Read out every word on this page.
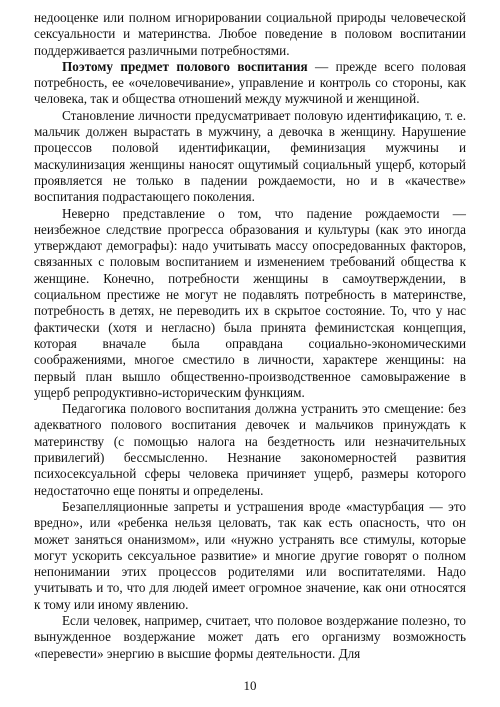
недооценке или полном игнорировании социальной природы человеческой сексуальности и материнства. Любое поведение в половом воспитании поддерживается различными потребностями.

Поэтому предмет полового воспитания — прежде всего половая потребность, ее «очеловечивание», управление и контроль со стороны, как человека, так и общества отношений между мужчиной и женщиной.

Становление личности предусматривает половую идентификацию, т. е. мальчик должен вырастать в мужчину, а девочка в женщину. Нарушение процессов половой идентификации, феминизация мужчины и маскулинизация женщины наносят ощутимый социальный ущерб, который проявляется не только в падении рождаемости, но и в «качестве» воспитания подрастающего поколения.

Неверно представление о том, что падение рождаемости — неизбежное следствие прогресса образования и культуры (как это иногда утверждают демографы): надо учитывать массу опосредованных факторов, связанных с половым воспитанием и изменением требований общества к женщине. Конечно, потребности женщины в самоутверждении, в социальном престиже не могут не подавлять потребность в материнстве, потребность в детях, не переводить их в скрытое состояние. То, что у нас фактически (хотя и негласно) была принята феминистская концепция, которая вначале была оправдана социально-экономическими соображениями, многое сместило в личности, характере женщины: на первый план вышло общественно-производственное самовыражение в ущерб репродуктивно-историческим функциям.

Педагогика полового воспитания должна устранить это смещение: без адекватного полового воспитания девочек и мальчиков принуждать к материнству (с помощью налога на бездетность или незначительных привилегий) бессмысленно. Незнание закономерностей развития психосексуальной сферы человека причиняет ущерб, размеры которого недостаточно еще поняты и определены.

Безапелляционные запреты и устрашения вроде «мастурбация — это вредно», или «ребенка нельзя целовать, так как есть опасность, что он может заняться онанизмом», или «нужно устранять все стимулы, которые могут ускорить сексуальное развитие» и многие другие говорят о полном непонимании этих процессов родителями или воспитателями. Надо учитывать и то, что для людей имеет огромное значение, как они относятся к тому или иному явлению.

Если человек, например, считает, что половое воздержание полезно, то вынужденное воздержание может дать его организму возможность «перевести» энергию в высшие формы деятельности. Для

10
